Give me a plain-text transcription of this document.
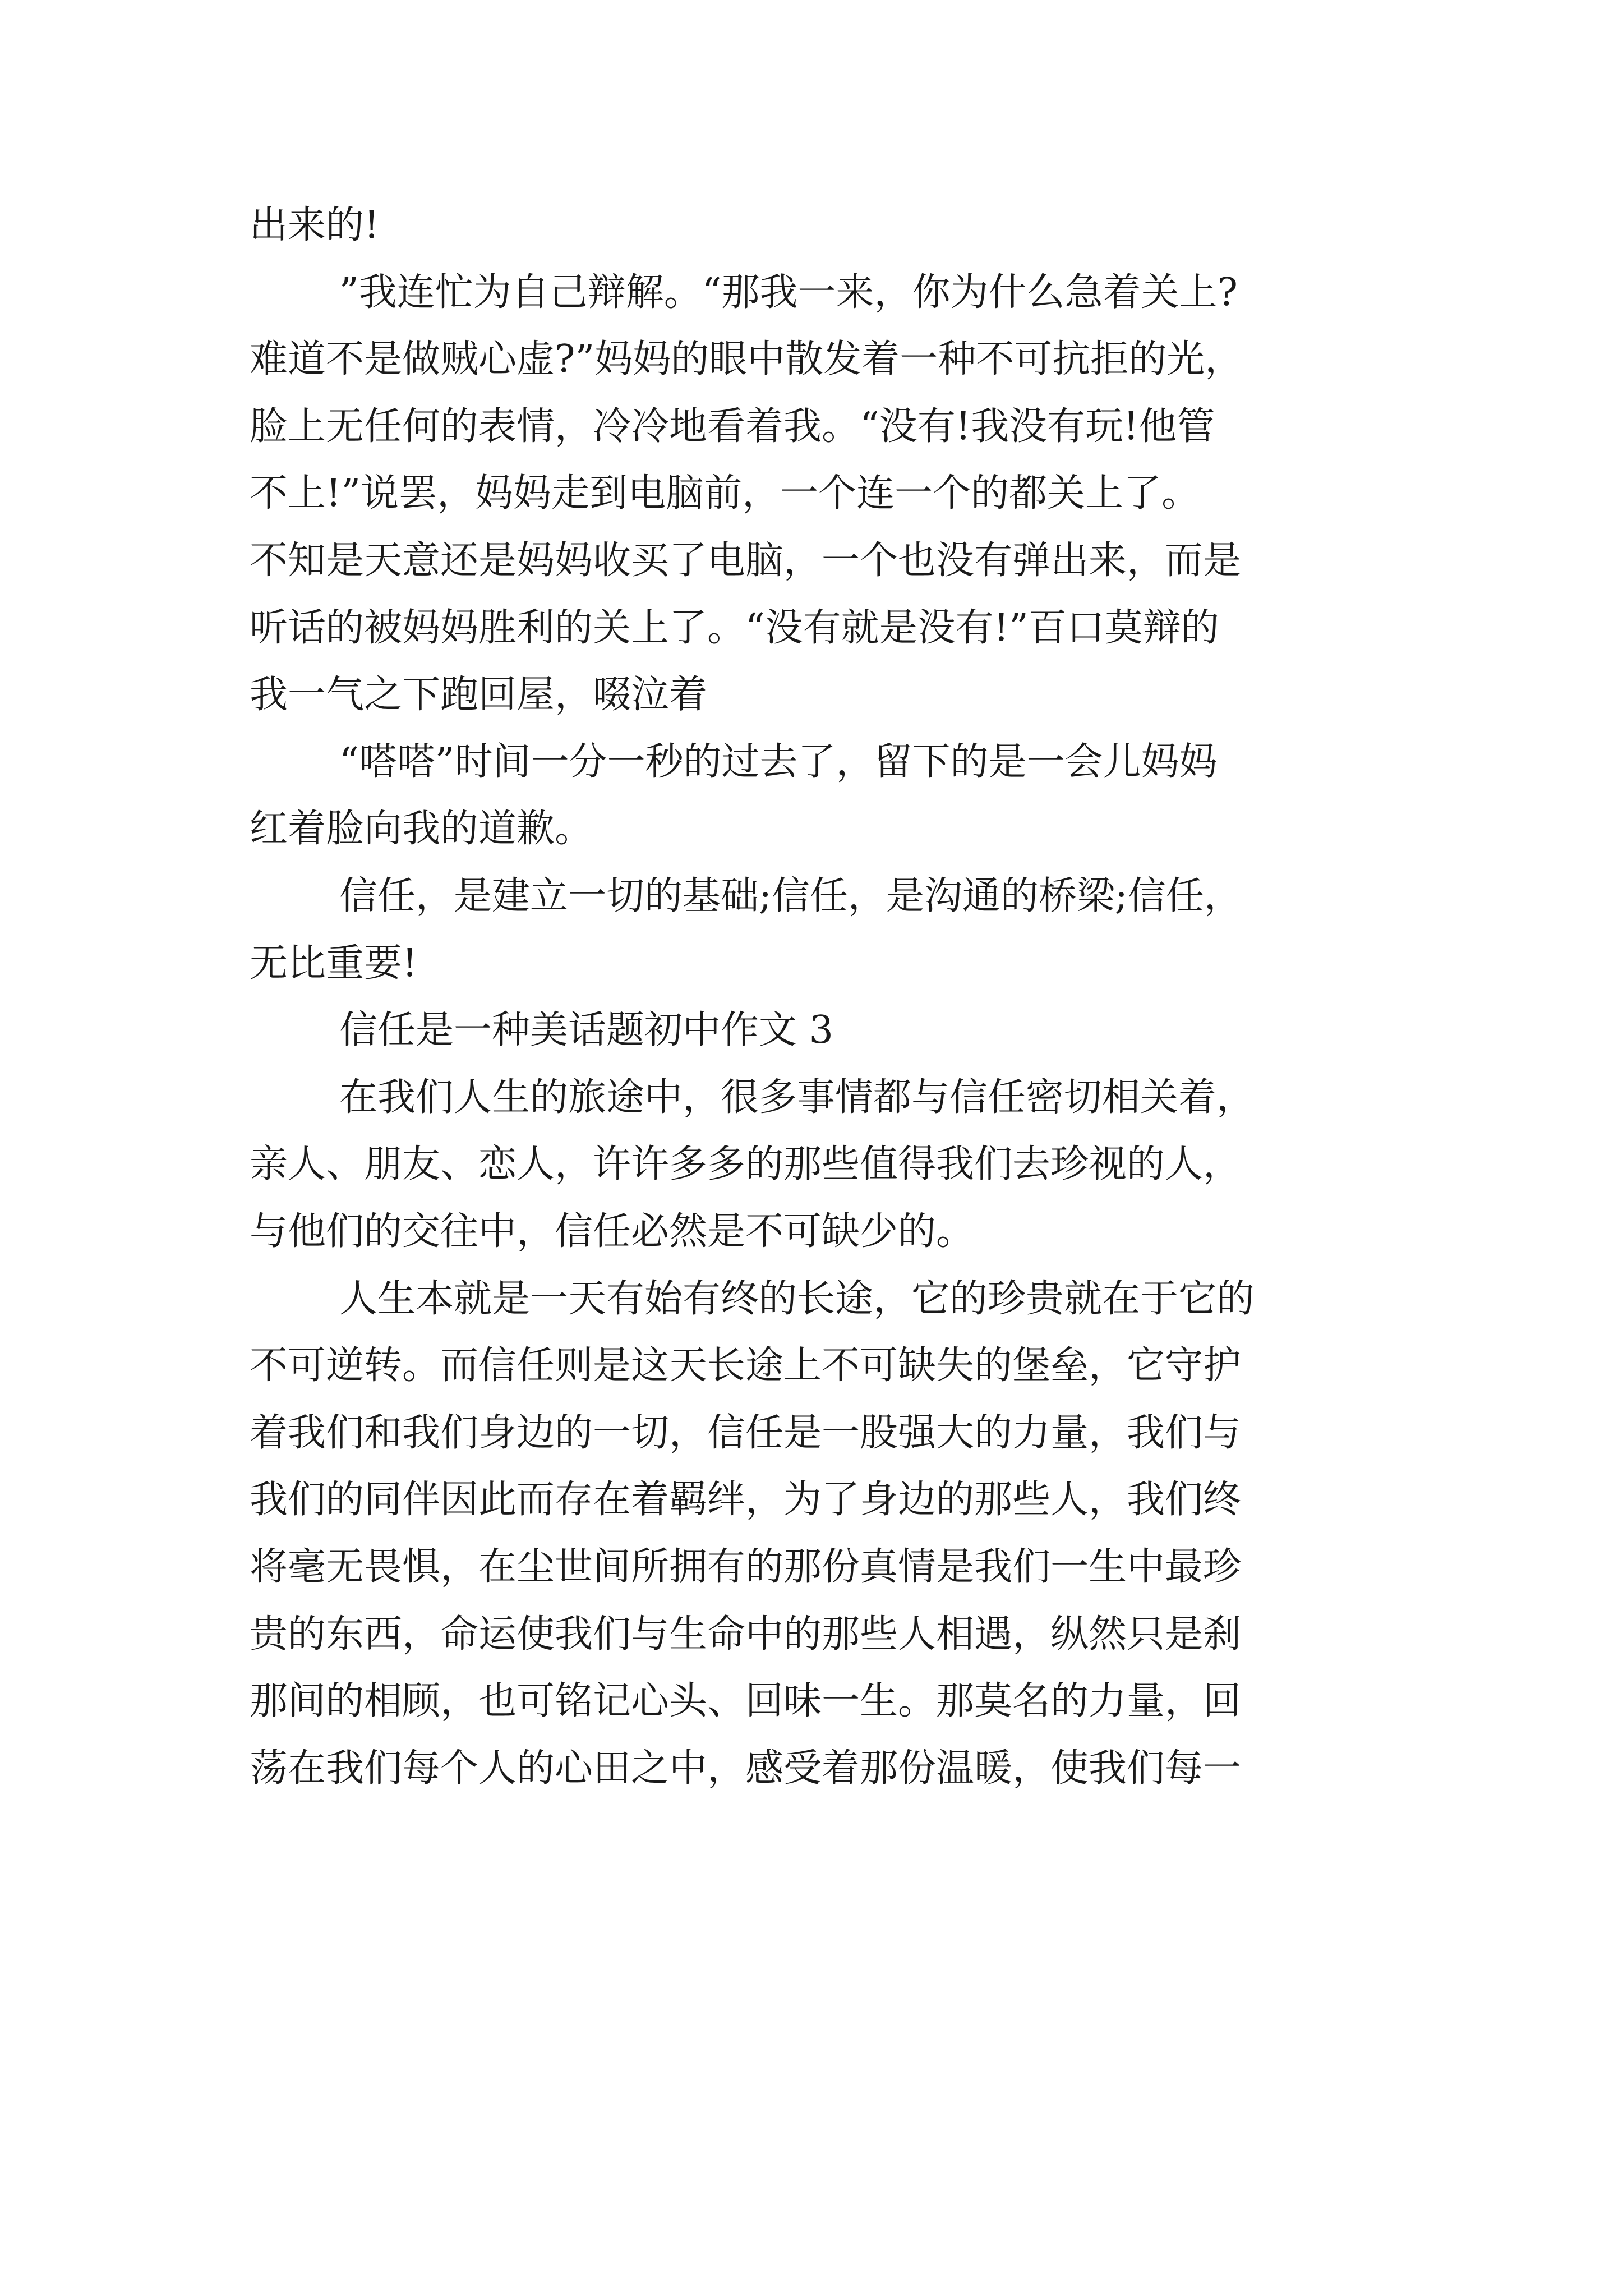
出来的!

”我连忙为自己辩解。“那我一来，你为什么急着关上?

难道不是做贼心虚?”妈妈的眼中散发着一种不可抗拒的光，

脸上无任何的表情，冷冷地看着我。“没有!我没有玩!他管

不上!”说罢，妈妈走到电脑前，一个连一个的都关上了。

不知是天意还是妈妈收买了电脑，一个也没有弹出来，而是

听话的被妈妈胜利的关上了。“没有就是没有!”百口莫辩的

我一气之下跑回屋，啜泣着

“嗒嗒”时间一分一秒的过去了，留下的是一会儿妈妈

红着脸向我的道歉。

信任，是建立一切的基础;信任，是沟通的桥梁;信任，

无比重要!

信任是一种美话题初中作文 3

在我们人生的旅途中，很多事情都与信任密切相关着，

亲人、朋友、恋人，许许多多的那些值得我们去珍视的人，

与他们的交往中，信任必然是不可缺少的。

人生本就是一天有始有终的长途，它的珍贵就在于它的

不可逆转。而信任则是这天长途上不可缺失的堡垒，它守护

着我们和我们身边的一切，信任是一股强大的力量，我们与

我们的同伴因此而存在着羁绊，为了身边的那些人，我们终

将毫无畏惧，在尘世间所拥有的那份真情是我们一生中最珍

贵的东西，命运使我们与生命中的那些人相遇，纵然只是刹

那间的相顾，也可铭记心头、回味一生。那莫名的力量，回

荡在我们每个人的心田之中，感受着那份温暖，使我们每一
